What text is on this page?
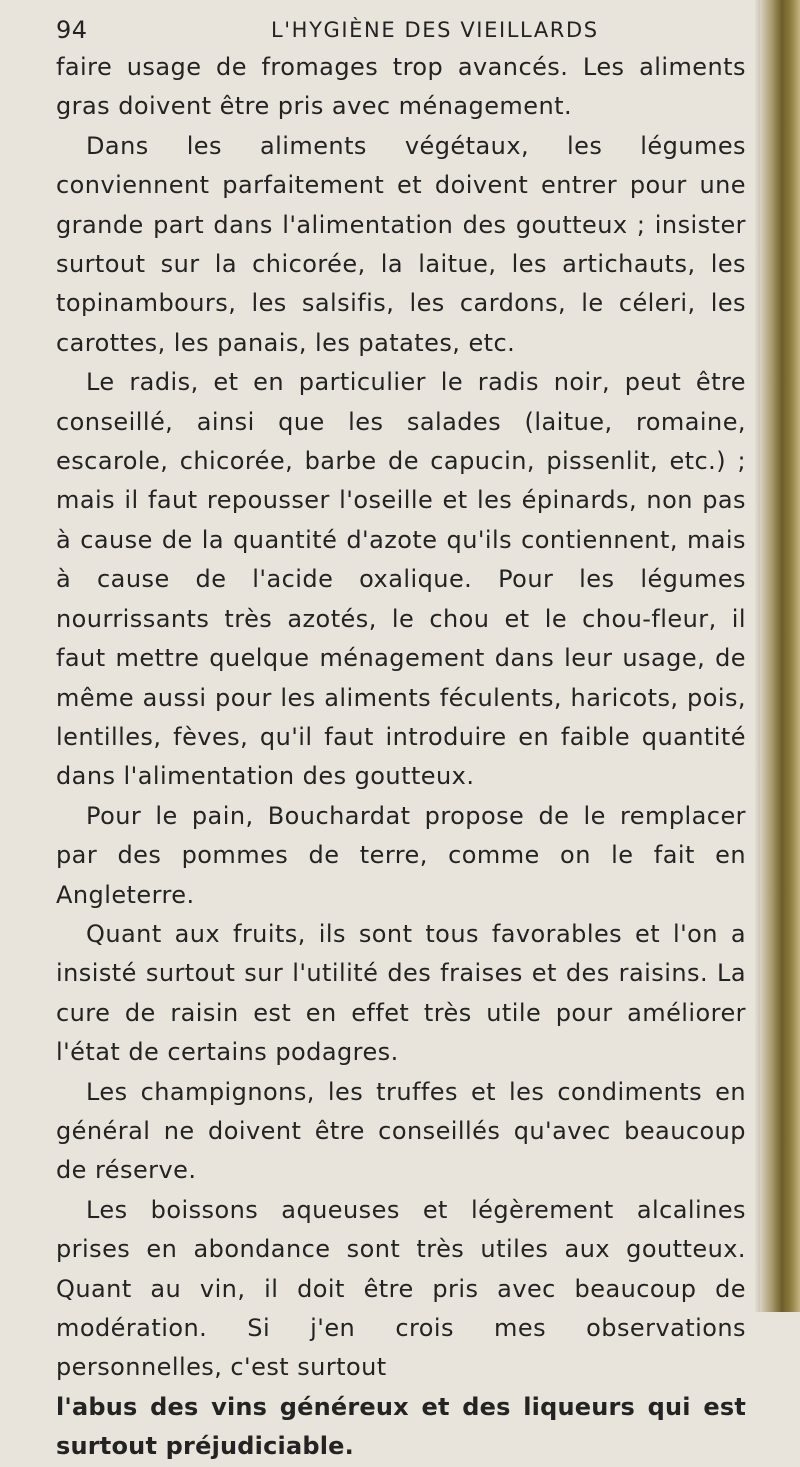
94	L'HYGIÈNE DES VIEILLARDS

faire usage de fromages trop avancés. Les aliments gras doivent être pris avec ménagement.

Dans les aliments végétaux, les légumes conviennent parfaitement et doivent entrer pour une grande part dans l'alimentation des goutteux ; insister surtout sur la chicorée, la laitue, les artichauts, les topinambours, les salsifis, les cardons, le céleri, les carottes, les panais, les patates, etc.

Le radis, et en particulier le radis noir, peut être conseillé, ainsi que les salades (laitue, romaine, escarole, chicorée, barbe de capucin, pissenlit, etc.) ; mais il faut repousser l'oseille et les épinards, non pas à cause de la quantité d'azote qu'ils contiennent, mais à cause de l'acide oxalique. Pour les légumes nourrissants très azotés, le chou et le chou-fleur, il faut mettre quelque ménagement dans leur usage, de même aussi pour les aliments féculents, haricots, pois, lentilles, fèves, qu'il faut introduire en faible quantité dans l'alimentation des goutteux.

Pour le pain, Bouchardat propose de le remplacer par des pommes de terre, comme on le fait en Angleterre.

Quant aux fruits, ils sont tous favorables et l'on a insisté surtout sur l'utilité des fraises et des raisins. La cure de raisin est en effet très utile pour améliorer l'état de certains podagres.

Les champignons, les truffes et les condiments en général ne doivent être conseillés qu'avec beaucoup de réserve.

Les boissons aqueuses et légèrement alcalines prises en abondance sont très utiles aux goutteux. Quant au vin, il doit être pris avec beaucoup de modération. Si j'en crois mes observations personnelles, c'est surtout

l'abus des vins généreux et des liqueurs qui est surtout préjudiciable.
